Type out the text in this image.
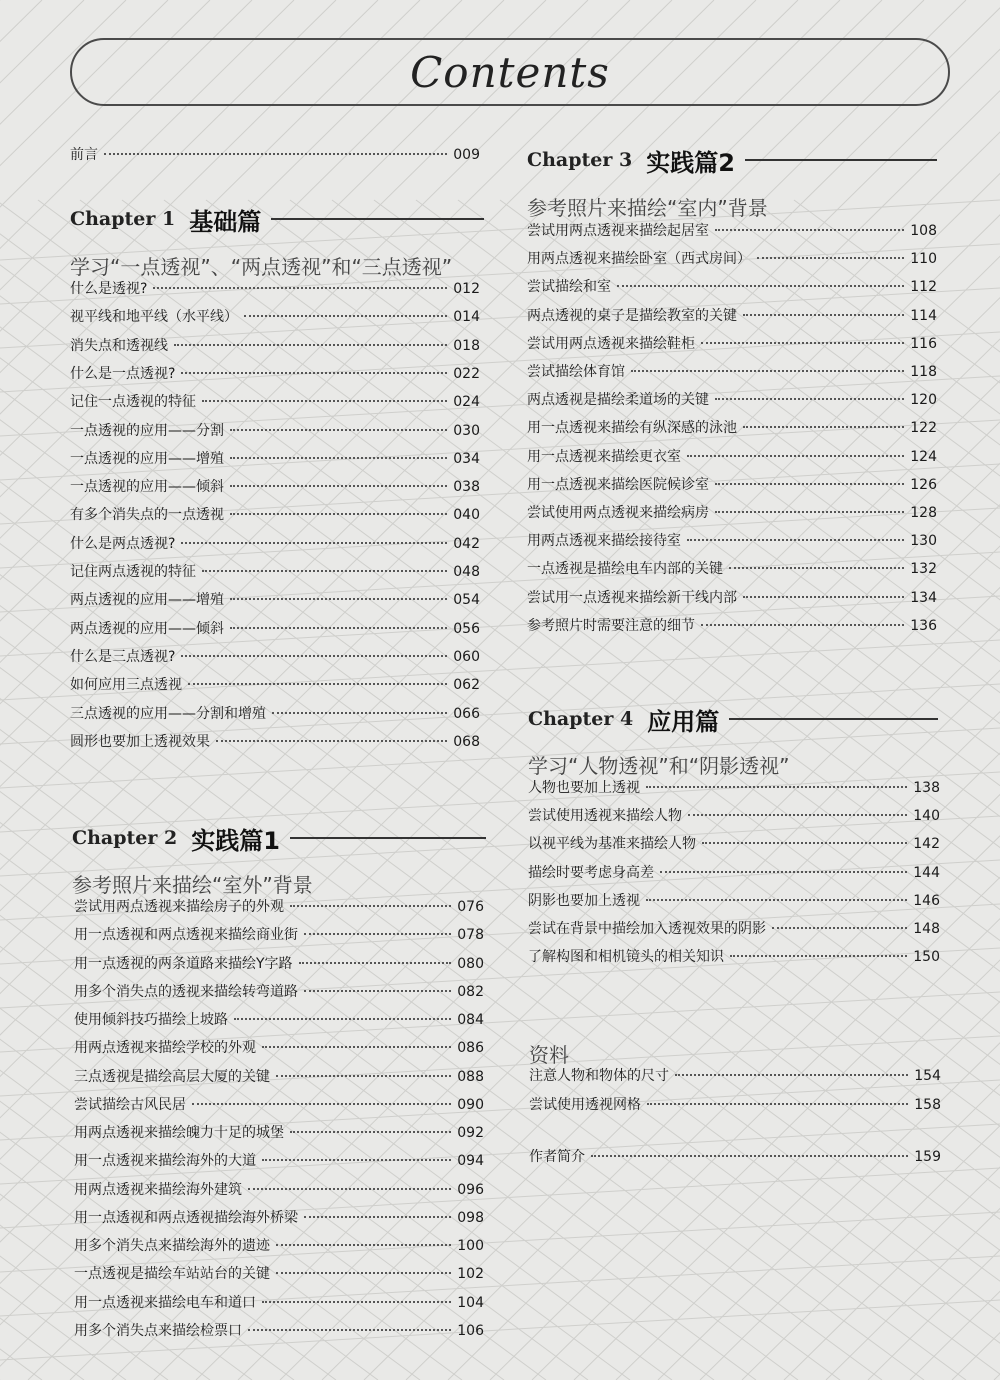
Contents
前言	009
Chapter 1 基础篇
学习“一点透视”、“两点透视”和“三点透视”
Chapter 2 实践篇1
参考照片来描绘“室外”背景
Chapter 3 实践篇2
参考照片来描绘“室内”背景
Chapter 4 应用篇
学习“人物透视”和“阴影透视”
资料
作者简介	159
什么是透视?	012
视平线和地平线（水平线）	014
消失点和透视线	018
什么是一点透视?	022
记住一点透视的特征	024
一点透视的应用——分割	030
一点透视的应用——增殖	034
一点透视的应用——倾斜	038
有多个消失点的一点透视	040
什么是两点透视?	042
记住两点透视的特征	048
两点透视的应用——增殖	054
两点透视的应用——倾斜	056
什么是三点透视?	060
如何应用三点透视	062
三点透视的应用——分割和增殖	066
圆形也要加上透视效果	068
尝试用两点透视来描绘房子的外观	076
用一点透视和两点透视来描绘商业街	078
用一点透视的两条道路来描绘Y字路	080
用多个消失点的透视来描绘转弯道路	082
使用倾斜技巧描绘上坡路	084
用两点透视来描绘学校的外观	086
三点透视是描绘高层大厦的关键	088
尝试描绘古风民居	090
用两点透视来描绘魄力十足的城堡	092
用一点透视来描绘海外的大道	094
用两点透视来描绘海外建筑	096
用一点透视和两点透视描绘海外桥梁	098
用多个消失点来描绘海外的遗迹	100
一点透视是描绘车站站台的关键	102
用一点透视来描绘电车和道口	104
用多个消失点来描绘检票口	106
尝试用两点透视来描绘起居室	108
用两点透视来描绘卧室（西式房间）	110
尝试描绘和室	112
两点透视的桌子是描绘教室的关键	114
尝试用两点透视来描绘鞋柜	116
尝试描绘体育馆	118
两点透视是描绘柔道场的关键	120
用一点透视来描绘有纵深感的泳池	122
用一点透视来描绘更衣室	124
用一点透视来描绘医院候诊室	126
尝试使用两点透视来描绘病房	128
用两点透视来描绘接待室	130
一点透视是描绘电车内部的关键	132
尝试用一点透视来描绘新干线内部	134
参考照片时需要注意的细节	136
人物也要加上透视	138
尝试使用透视来描绘人物	140
以视平线为基准来描绘人物	142
描绘时要考虑身高差	144
阴影也要加上透视	146
尝试在背景中描绘加入透视效果的阴影	148
了解构图和相机镜头的相关知识	150
注意人物和物体的尺寸	154
尝试使用透视网格	158
